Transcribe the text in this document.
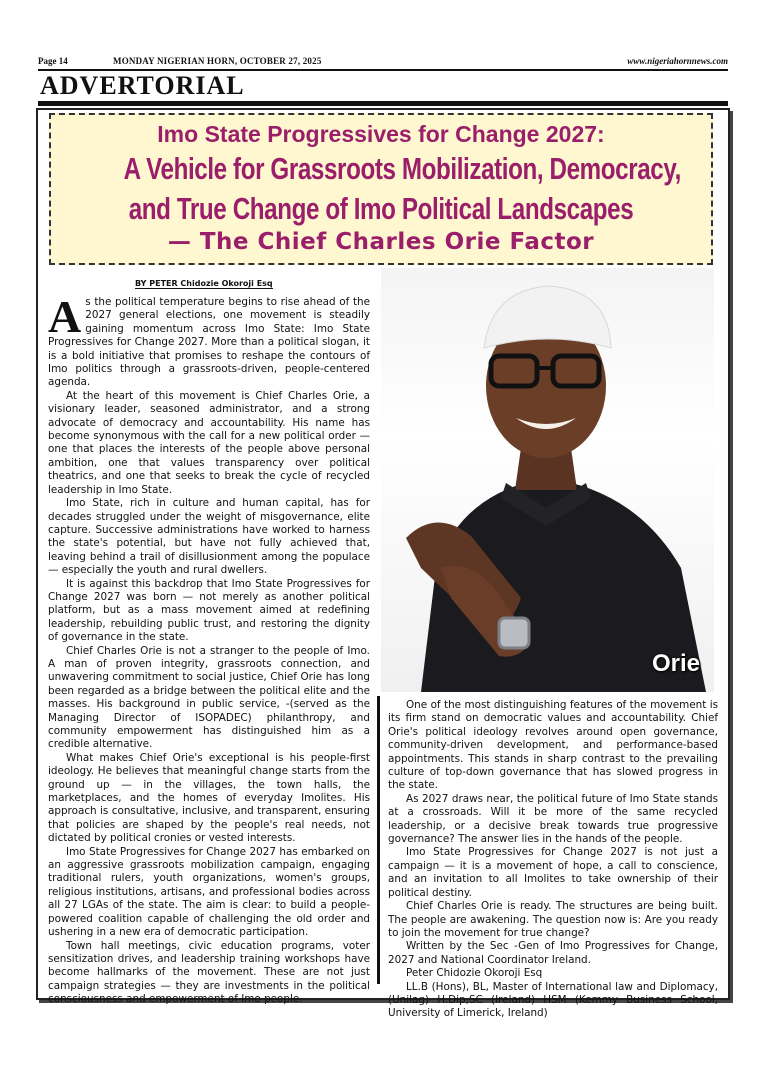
Page 14	MONDAY NIGERIAN HORN, OCTOBER 27, 2025	www.nigeriahornnews.com
ADVERTORIAL
Imo State Progressives for Change 2027:
A Vehicle for Grassroots Mobilization, Democracy,
and True Change of Imo Political Landscapes
— The Chief Charles Orie Factor
BY PETER Chidozie Okoroji Esq

As the political temperature begins to rise ahead of the 2027 general elections, one movement is steadily gaining momentum across Imo State: Imo State Progressives for Change 2027. More than a political slogan, it is a bold initiative that promises to reshape the contours of Imo politics through a grassroots-driven, people-centered agenda.

At the heart of this movement is Chief Charles Orie, a visionary leader, seasoned administrator, and a strong advocate of democracy and accountability. His name has become synonymous with the call for a new political order — one that places the interests of the people above personal ambition, one that values transparency over political theatrics, and one that seeks to break the cycle of recycled leadership in Imo State.

Imo State, rich in culture and human capital, has for decades struggled under the weight of misgovernance, elite capture. Successive administrations have worked to harness the state's potential, but have not fully achieved that, leaving behind a trail of disillusionment among the populace — especially the youth and rural dwellers.

It is against this backdrop that Imo State Progressives for Change 2027 was born — not merely as another political platform, but as a mass movement aimed at redefining leadership, rebuilding public trust, and restoring the dignity of governance in the state.

Chief Charles Orie is not a stranger to the people of Imo. A man of proven integrity, grassroots connection, and unwavering commitment to social justice, Chief Orie has long been regarded as a bridge between the political elite and the masses. His background in public service, -(served as the Managing Director of ISOPADEC) philanthropy, and community empowerment has distinguished him as a credible alternative.

What makes Chief Orie's exceptional is his people-first ideology. He believes that meaningful change starts from the ground up — in the villages, the town halls, the marketplaces, and the homes of everyday Imolites. His approach is consultative, inclusive, and transparent, ensuring that policies are shaped by the people's real needs, not dictated by political cronies or vested interests.

Imo State Progressives for Change 2027 has embarked on an aggressive grassroots mobilization campaign, engaging traditional rulers, youth organizations, women's groups, religious institutions, artisans, and professional bodies across all 27 LGAs of the state. The aim is clear: to build a people-powered coalition capable of challenging the old order and ushering in a new era of democratic participation.

Town hall meetings, civic education programs, voter sensitization drives, and leadership training workshops have become hallmarks of the movement. These are not just campaign strategies — they are investments in the political consciousness and empowerment of Imo people.

Orie

One of the most distinguishing features of the movement is its firm stand on democratic values and accountability. Chief Orie's political ideology revolves around open governance, community-driven development, and performance-based appointments. This stands in sharp contrast to the prevailing culture of top-down governance that has slowed progress in the state.

As 2027 draws near, the political future of Imo State stands at a crossroads. Will it be more of the same recycled leadership, or a decisive break towards true progressive governance? The answer lies in the hands of the people.

Imo State Progressives for Change 2027 is not just a campaign — it is a movement of hope, a call to conscience, and an invitation to all Imolites to take ownership of their political destiny.

Chief Charles Orie is ready. The structures are being built. The people are awakening. The question now is: Are you ready to join the movement for true change?

Written by the Sec -Gen of Imo Progressives for Change, 2027 and National Coordinator Ireland.

Peter Chidozie Okoroji Esq

LL.B (Hons), BL, Master of International law and Diplomacy,(Unilag) H.Dip,SC (Ireland) HSM (Kemmy Business School, University of Limerick, Ireland)
